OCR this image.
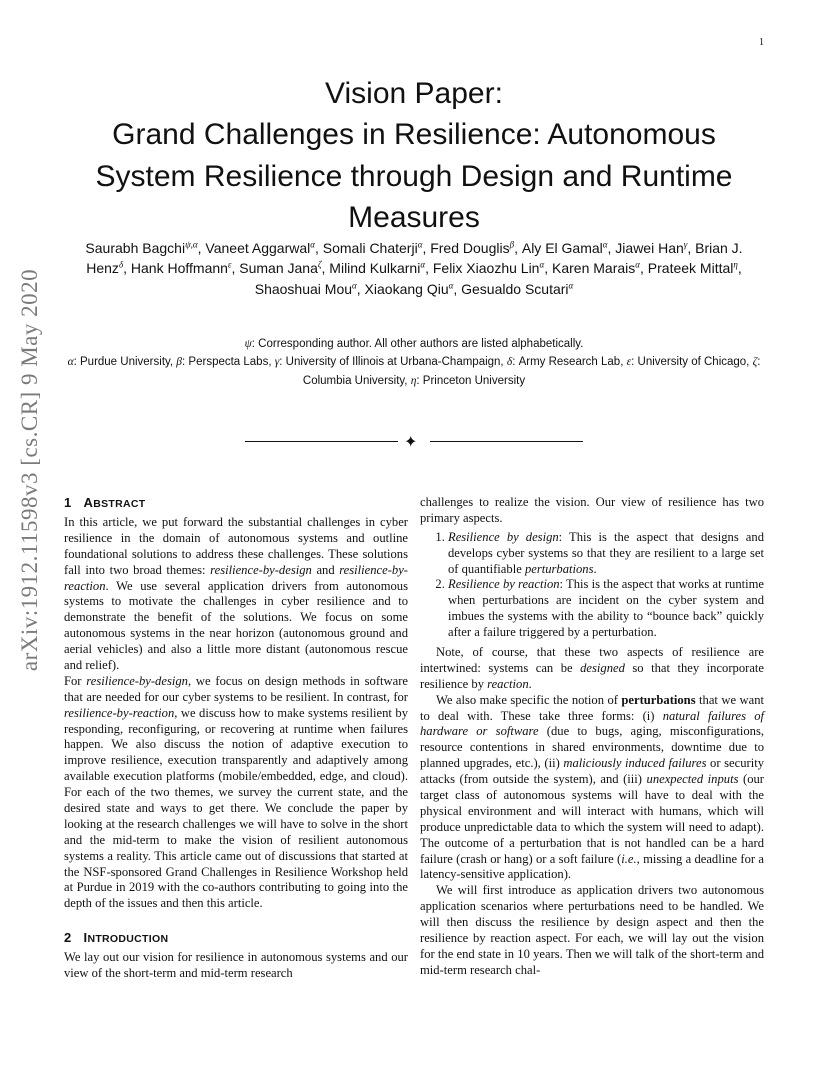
1
arXiv:1912.11598v3 [cs.CR] 9 May 2020
Vision Paper:
Grand Challenges in Resilience: Autonomous
System Resilience through Design and Runtime
Measures
Saurabh Bagchi$^{\psi,\alpha}$, Vaneet Aggarwal$^\alpha$, Somali Chaterji$^\alpha$, Fred Douglis$^\beta$, Aly El Gamal$^\alpha$, Jiawei Han$^\gamma$, Brian J. Henz$^\delta$, Hank Hoffmann$^\varepsilon$, Suman Jana$^\zeta$, Milind Kulkarni$^\alpha$, Felix Xiaozhu Lin$^\alpha$, Karen Marais$^\alpha$, Prateek Mittal$^\eta$, Shaoshuai Mou$^\alpha$, Xiaokang Qiu$^\alpha$, Gesualdo Scutari$^\alpha$
ψ: Corresponding author. All other authors are listed alphabetically.
α: Purdue University, β: Perspecta Labs, γ: University of Illinois at Urbana-Champaign, δ: Army Research Lab, ε: University of Chicago, ζ: Columbia University, η: Princeton University
✦
1 ABSTRACT

In this article, we put forward the substantial challenges in cyber resilience in the domain of autonomous systems and outline foundational solutions to address these challenges. These solutions fall into two broad themes: resilience-by-design and resilience-by-reaction. We use several application drivers from autonomous systems to motivate the challenges in cyber resilience and to demonstrate the benefit of the solutions. We focus on some autonomous systems in the near horizon (autonomous ground and aerial vehicles) and also a little more distant (autonomous rescue and relief).

For resilience-by-design, we focus on design methods in software that are needed for our cyber systems to be resilient. In contrast, for resilience-by-reaction, we discuss how to make systems resilient by responding, reconfiguring, or recovering at runtime when failures happen. We also discuss the notion of adaptive execution to improve resilience, execution transparently and adaptively among available execution platforms (mobile/embedded, edge, and cloud). For each of the two themes, we survey the current state, and the desired state and ways to get there. We conclude the paper by looking at the research challenges we will have to solve in the short and the mid-term to make the vision of resilient autonomous systems a reality. This article came out of discussions that started at the NSF-sponsored Grand Challenges in Resilience Workshop held at Purdue in 2019 with the co-authors contributing to going into the depth of the issues and then this article.

2 INTRODUCTION

We lay out our vision for resilience in autonomous systems and our view of the short-term and mid-term research

challenges to realize the vision. Our view of resilience has two primary aspects.

1. Resilience by design: This is the aspect that designs and develops cyber systems so that they are resilient to a large set of quantifiable perturbations.
2. Resilience by reaction: This is the aspect that works at runtime when perturbations are incident on the cyber system and imbues the systems with the ability to “bounce back” quickly after a failure triggered by a perturbation.

Note, of course, that these two aspects of resilience are intertwined: systems can be designed so that they incorporate resilience by reaction.

We also make specific the notion of perturbations that we want to deal with. These take three forms: (i) natural failures of hardware or software (due to bugs, aging, misconfigurations, resource contentions in shared environments, downtime due to planned upgrades, etc.), (ii) maliciously induced failures or security attacks (from outside the system), and (iii) unexpected inputs (our target class of autonomous systems will have to deal with the physical environment and will interact with humans, which will produce unpredictable data to which the system will need to adapt). The outcome of a perturbation that is not handled can be a hard failure (crash or hang) or a soft failure (i.e., missing a deadline for a latency-sensitive application).

We will first introduce as application drivers two autonomous application scenarios where perturbations need to be handled. We will then discuss the resilience by design aspect and then the resilience by reaction aspect. For each, we will lay out the vision for the end state in 10 years. Then we will talk of the short-term and mid-term research chal-
